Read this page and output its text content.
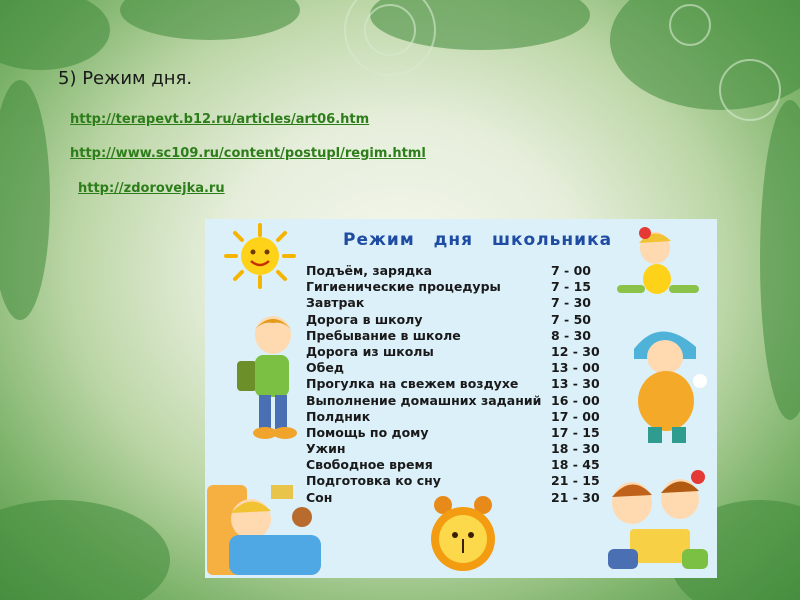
5) Режим дня.
http://terapevt.b12.ru/articles/art06.htm
http://www.sc109.ru/content/postupl/regim.html
http://zdorovejka.ru
Режим дня школьника
Подъём, зарядка	7 - 00
Гигиенические процедуры	7 - 15
Завтрак	7 - 30
Дорога в школу	7 - 50
Пребывание в школе	8 - 30
Дорога из школы	12 - 30
Обед	13 - 00
Прогулка на свежем воздухе	13 - 30
Выполнение домашних заданий 16 - 00
Полдник	17 - 00
Помощь по дому	17 - 15
Ужин	18 - 30
Свободное время	18 - 45
Подготовка ко сну	21 - 15
Сон	21 - 30
